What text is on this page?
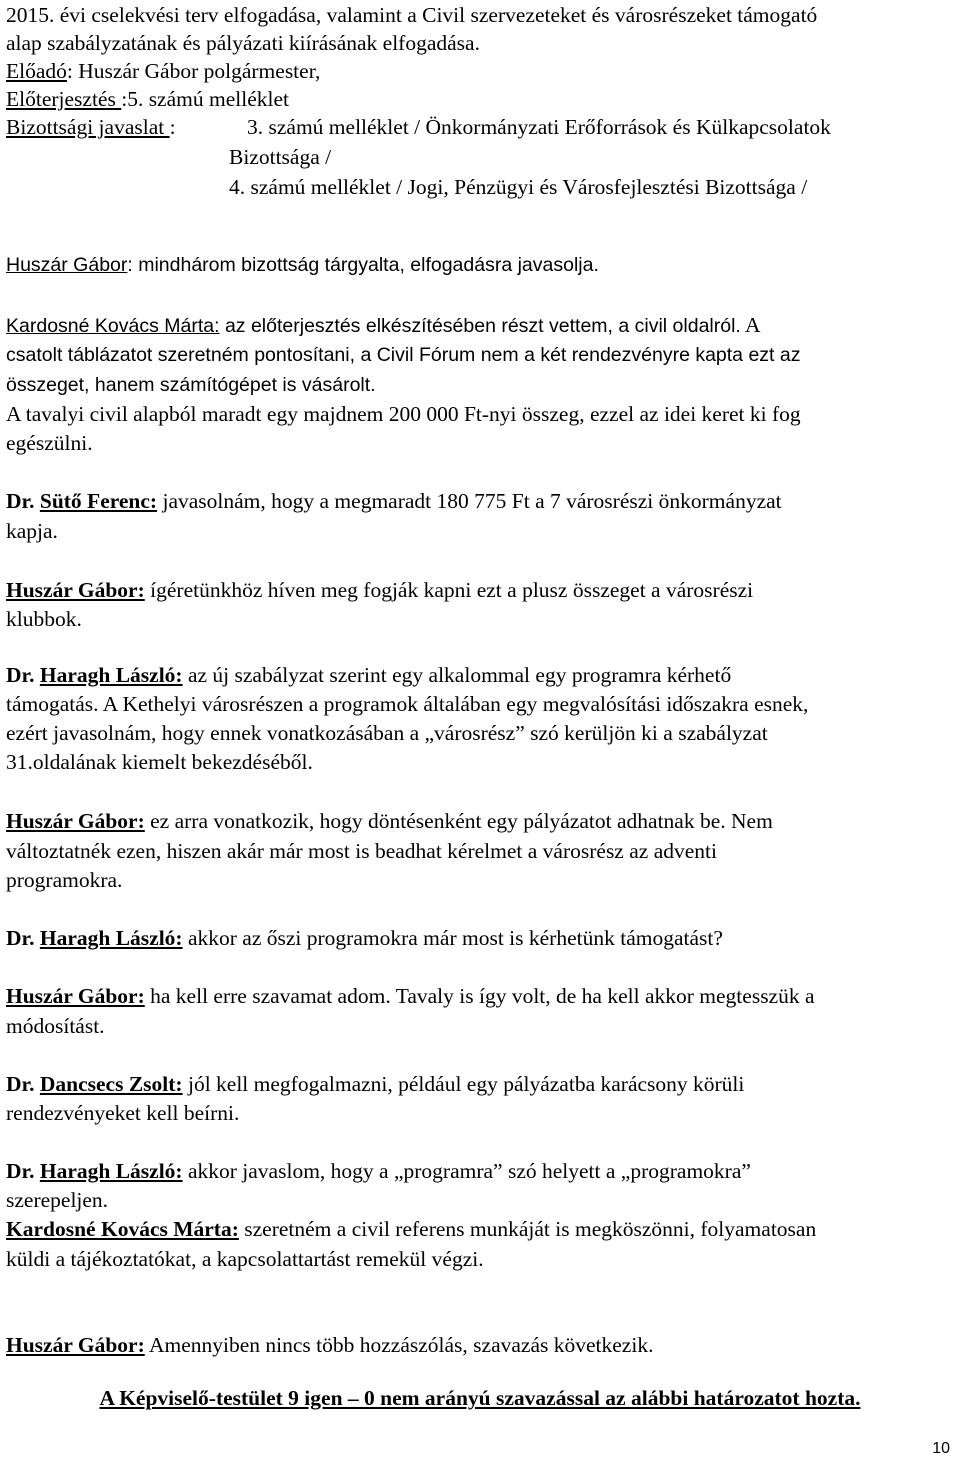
2015. évi cselekvési terv elfogadása, valamint a Civil szervezeteket és városrészeket támogató
alap szabályzatának és pályázati kiírásának elfogadása.
Előadó: Huszár Gábor polgármester,
Előterjesztés :5. számú melléklet
Bizottsági javaslat :	3. számú melléklet / Önkormányzati Erőforrások és Külkapcsolatok
Bizottsága /
4. számú melléklet / Jogi, Pénzügyi és Városfejlesztési Bizottsága /
Huszár Gábor: mindhárom bizottság tárgyalta, elfogadásra javasolja.
Kardosné Kovács Márta: az előterjesztés elkészítésében részt vettem, a civil oldalról. A
csatolt táblázatot szeretném pontosítani, a Civil Fórum nem a két rendezvényre kapta ezt az
összeget, hanem számítógépet is vásárolt.
A tavalyi civil alapból maradt egy majdnem 200 000 Ft-nyi összeg, ezzel az idei keret ki fog
egészülni.
Dr. Sütő Ferenc: javasolnám, hogy a megmaradt 180 775 Ft a 7 városrészi önkormányzat
kapja.
Huszár Gábor: ígéretünkhöz híven meg fogják kapni ezt a plusz összeget a városrészi
klubbok.
Dr. Haragh László: az új szabályzat szerint egy alkalommal egy programra kérhető
támogatás. A Kethelyi városrészen a programok általában egy megvalósítási időszakra esnek,
ezért javasolnám, hogy ennek vonatkozásában a „városrész” szó kerüljön ki a szabályzat
31.oldalának kiemelt bekezdéséből.
Huszár Gábor: ez arra vonatkozik, hogy döntésenként egy pályázatot adhatnak be. Nem
változtatnék ezen, hiszen akár már most is beadhat kérelmet a városrész az adventi
programokra.
Dr. Haragh László: akkor az őszi programokra már most is kérhetünk támogatást?
Huszár Gábor: ha kell erre szavamat adom. Tavaly is így volt, de ha kell akkor megtesszük a
módosítást.
Dr. Dancsecs Zsolt: jól kell megfogalmazni, például egy pályázatba karácsony körüli
rendezvényeket kell beírni.
Dr. Haragh László: akkor javaslom, hogy a „programra” szó helyett a „programokra”
szerepeljen.
Kardosné Kovács Márta: szeretném a civil referens munkáját is megköszönni, folyamatosan
küldi a tájékoztatókat, a kapcsolattartást remekül végzi.
Huszár Gábor: Amennyiben nincs több hozzászólás, szavazás következik.
A Képviselő-testület 9 igen – 0 nem arányú szavazással az alábbi határozatot hozta.
10
